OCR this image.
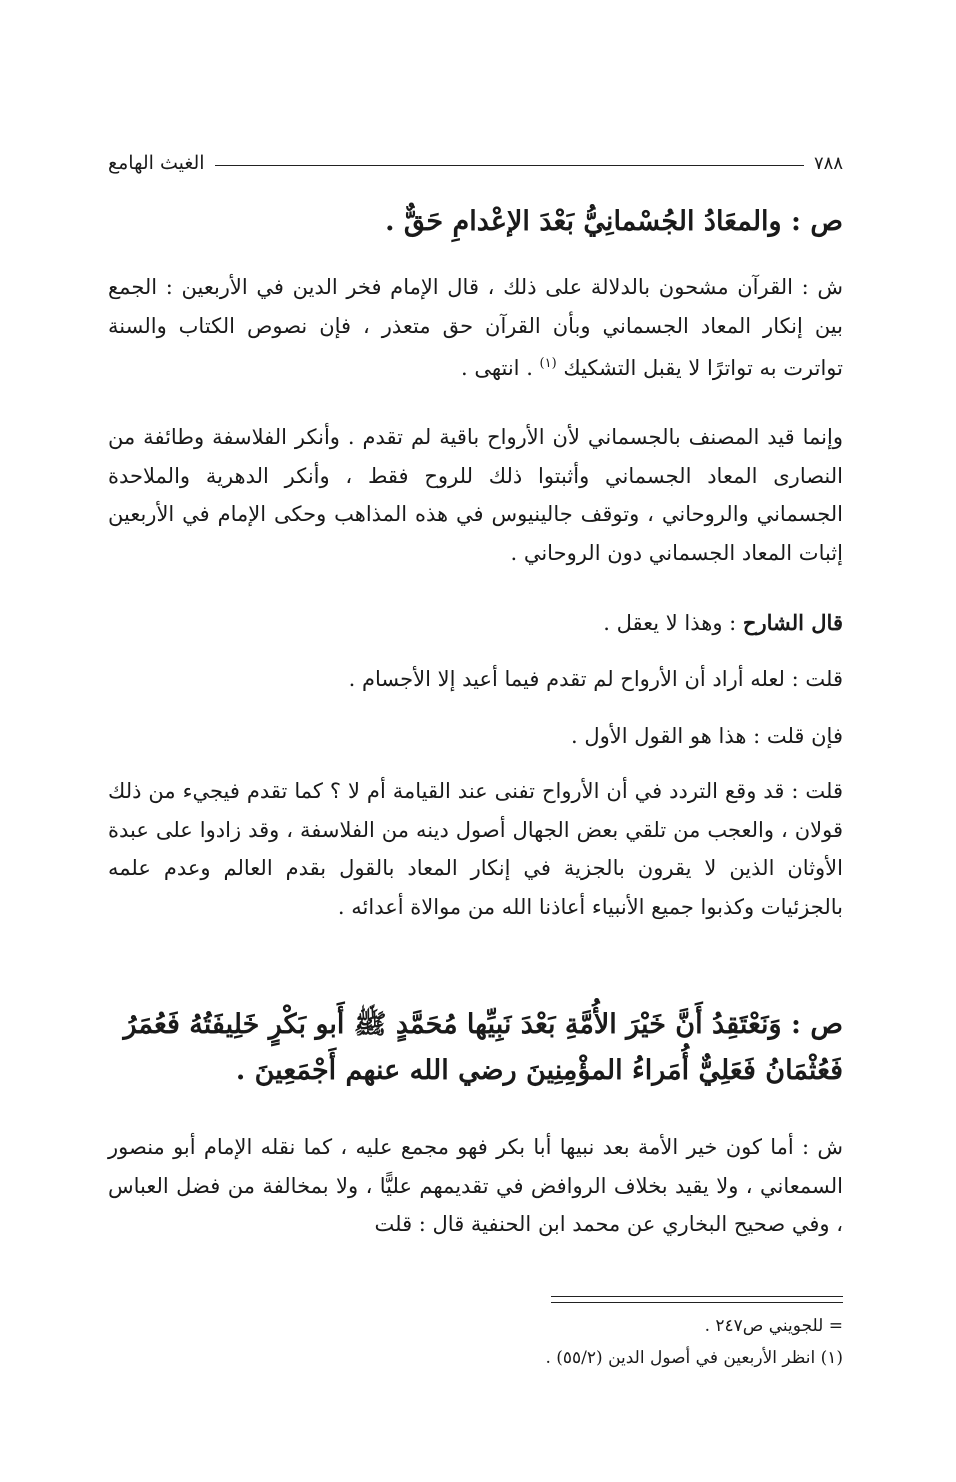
٧٨٨
الغيث الهامع
ص : والمعَادُ الجُسْمانِيُّ بَعْدَ الإعْدامِ حَقٌّ .
ش : القرآن مشحون بالدلالة على ذلك ، قال الإمام فخر الدين في الأربعين : الجمع بين إنكار المعاد الجسماني وبأن القرآن حق متعذر ، فإن نصوص الكتاب والسنة تواترت به تواترًا لا يقبل التشكيك $^{(١)}$ . انتهى .
وإنما قيد المصنف بالجسماني لأن الأرواح باقية لم تقدم . وأنكر الفلاسفة وطائفة من النصارى المعاد الجسماني وأثبتوا ذلك للروح فقط ، وأنكر الدهرية والملاحدة الجسماني والروحاني ، وتوقف جالينيوس في هذه المذاهب وحكى الإمام في الأربعين إثبات المعاد الجسماني دون الروحاني .
قال الشارح : وهذا لا يعقل .
قلت : لعله أراد أن الأرواح لم تقدم فيما أعيد إلا الأجسام .
فإن قلت : هذا هو القول الأول .
قلت : قد وقع التردد في أن الأرواح تفنى عند القيامة أم لا ؟ كما تقدم فيجيء من ذلك قولان ، والعجب من تلقي بعض الجهال أصول دينه من الفلاسفة ، وقد زادوا على عبدة الأوثان الذين لا يقرون بالجزية في إنكار المعاد بالقول بقدم العالم وعدم علمه بالجزئيات وكذبوا جميع الأنبياء أعاذنا الله من موالاة أعدائه .
ص : وَنَعْتَقِدُ أَنَّ خَيْرَ الأُمَّةِ بَعْدَ نَبِيِّها مُحَمَّدٍ ﷺ أَبو بَكْرٍ خَلِيفَتُهُ فَعُمَرُ فَعُثْمَانُ فَعَلِيٌّ أُمَراءُ المؤْمِنِينَ رضي الله عنهم أَجْمَعِينَ .
ش : أما كون خير الأمة بعد نبيها أبا بكر فهو مجمع عليه ، كما نقله الإمام أبو منصور السمعاني ، ولا يقيد بخلاف الروافض في تقديمهم عليًّا ، ولا بمخالفة من فضل العباس ، وفي صحيح البخاري عن محمد ابن الحنفية قال : قلت
= للجويني ص٢٤٧ .
(١) انظر الأربعين في أصول الدين (٥٥/٢) .
